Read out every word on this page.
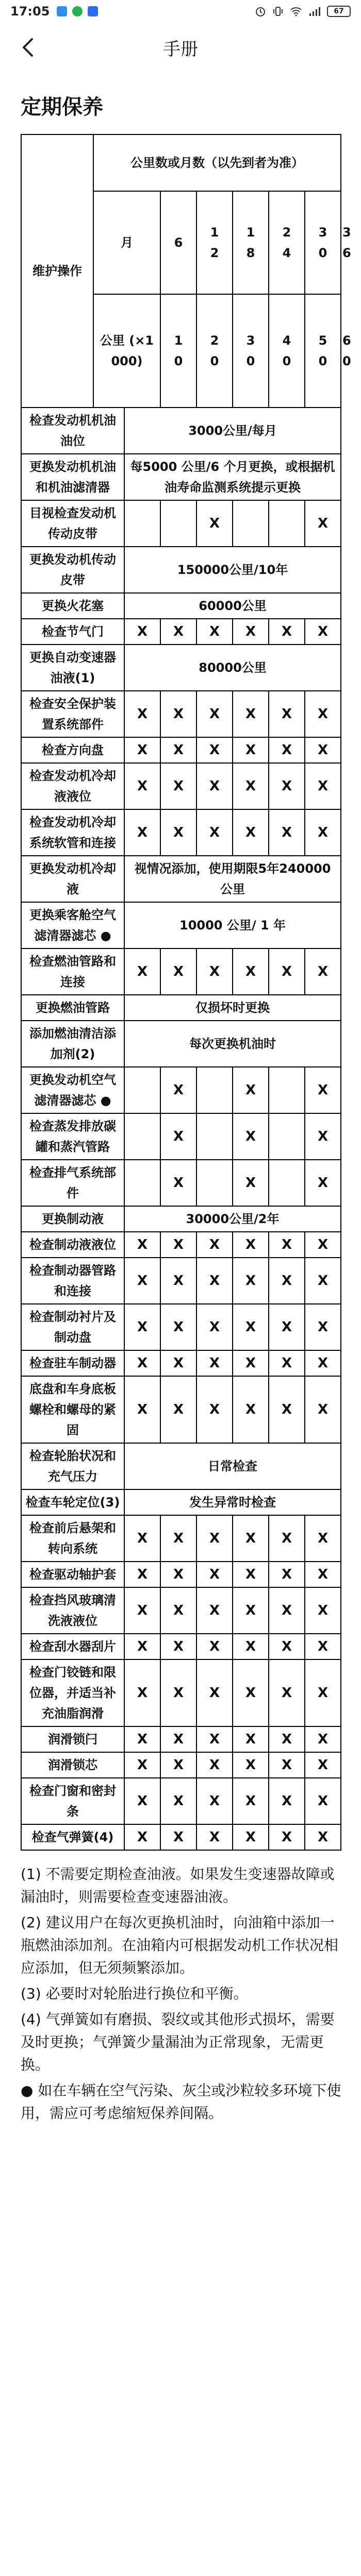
17:05	67
手册
定期保养
维护操作	公里数或月数（以先到者为准）							
	月		6	12	18	24	30	36

	公里 (×1000)		10	20	30	40	50	60

检查发动机机油油位		3000公里/每月						
更换发动机机油和机油滤清器		每5000 公里/6 个月更换，或根据机油寿命监测系统提示更换						
目视检查发动机传动皮带				X			X	
更换发动机传动皮带		150000公里/10年						
更换火花塞		60000公里						
检查节气门		X	X	X	X	X	X	
更换自动变速器油液(1)		80000公里						
检查安全保护装置系统部件		X	X	X	X	X	X	
检查方向盘		X	X	X	X	X	X	
检查发动机冷却液液位		X	X	X	X	X	X	
检查发动机冷却系统软管和连接		X	X	X	X	X	X	
更换发动机冷却液		视情况添加，使用期限5年240000 公里						
更换乘客舱空气滤清器滤芯 ●		10000 公里/ 1 年						
检查燃油管路和连接		X	X	X	X	X	X	
更换燃油管路		仅损坏时更换						
添加燃油清洁添加剂(2)		每次更换机油时						
更换发动机空气滤清器滤芯 ●			X		X		X	
检查蒸发排放碳罐和蒸汽管路			X		X		X	
检查排气系统部件			X		X		X	
更换制动液		30000公里/2年						
检查制动液液位		X	X	X	X	X	X	
检查制动器管路和连接		X	X	X	X	X	X	
检查制动衬片及制动盘		X	X	X	X	X	X	
检查驻车制动器		X	X	X	X	X	X	
底盘和车身底板螺栓和螺母的紧固		X	X	X	X	X	X	
检查轮胎状况和充气压力		日常检查						
检查车轮定位(3)		发生异常时检查						
检查前后悬架和转向系统		X	X	X	X	X	X	
检查驱动轴护套		X	X	X	X	X	X	
检查挡风玻璃清洗液液位		X	X	X	X	X	X	
检查刮水器刮片		X	X	X	X	X	X	
检查门铰链和限位器，并适当补充油脂润滑		X	X	X	X	X	X	
润滑锁闩		X	X	X	X	X	X	
润滑锁芯		X	X	X	X	X	X	
检查门窗和密封条		X	X	X	X	X	X	
检查气弹簧(4)		X	X	X	X	X	X	

(1) 不需要定期检查油液。如果发生变速器故障或漏油时，则需要检查变速器油液。

(2) 建议用户在每次更换机油时，向油箱中添加一瓶燃油添加剂。在油箱内可根据发动机工作状况相应添加，但无须频繁添加。

(3) 必要时对轮胎进行换位和平衡。

(4) 气弹簧如有磨损、裂纹或其他形式损坏，需要及时更换；气弹簧少量漏油为正常现象，无需更换。

● 如在车辆在空气污染、灰尘或沙粒较多环境下使用，需应可考虑缩短保养间隔。
